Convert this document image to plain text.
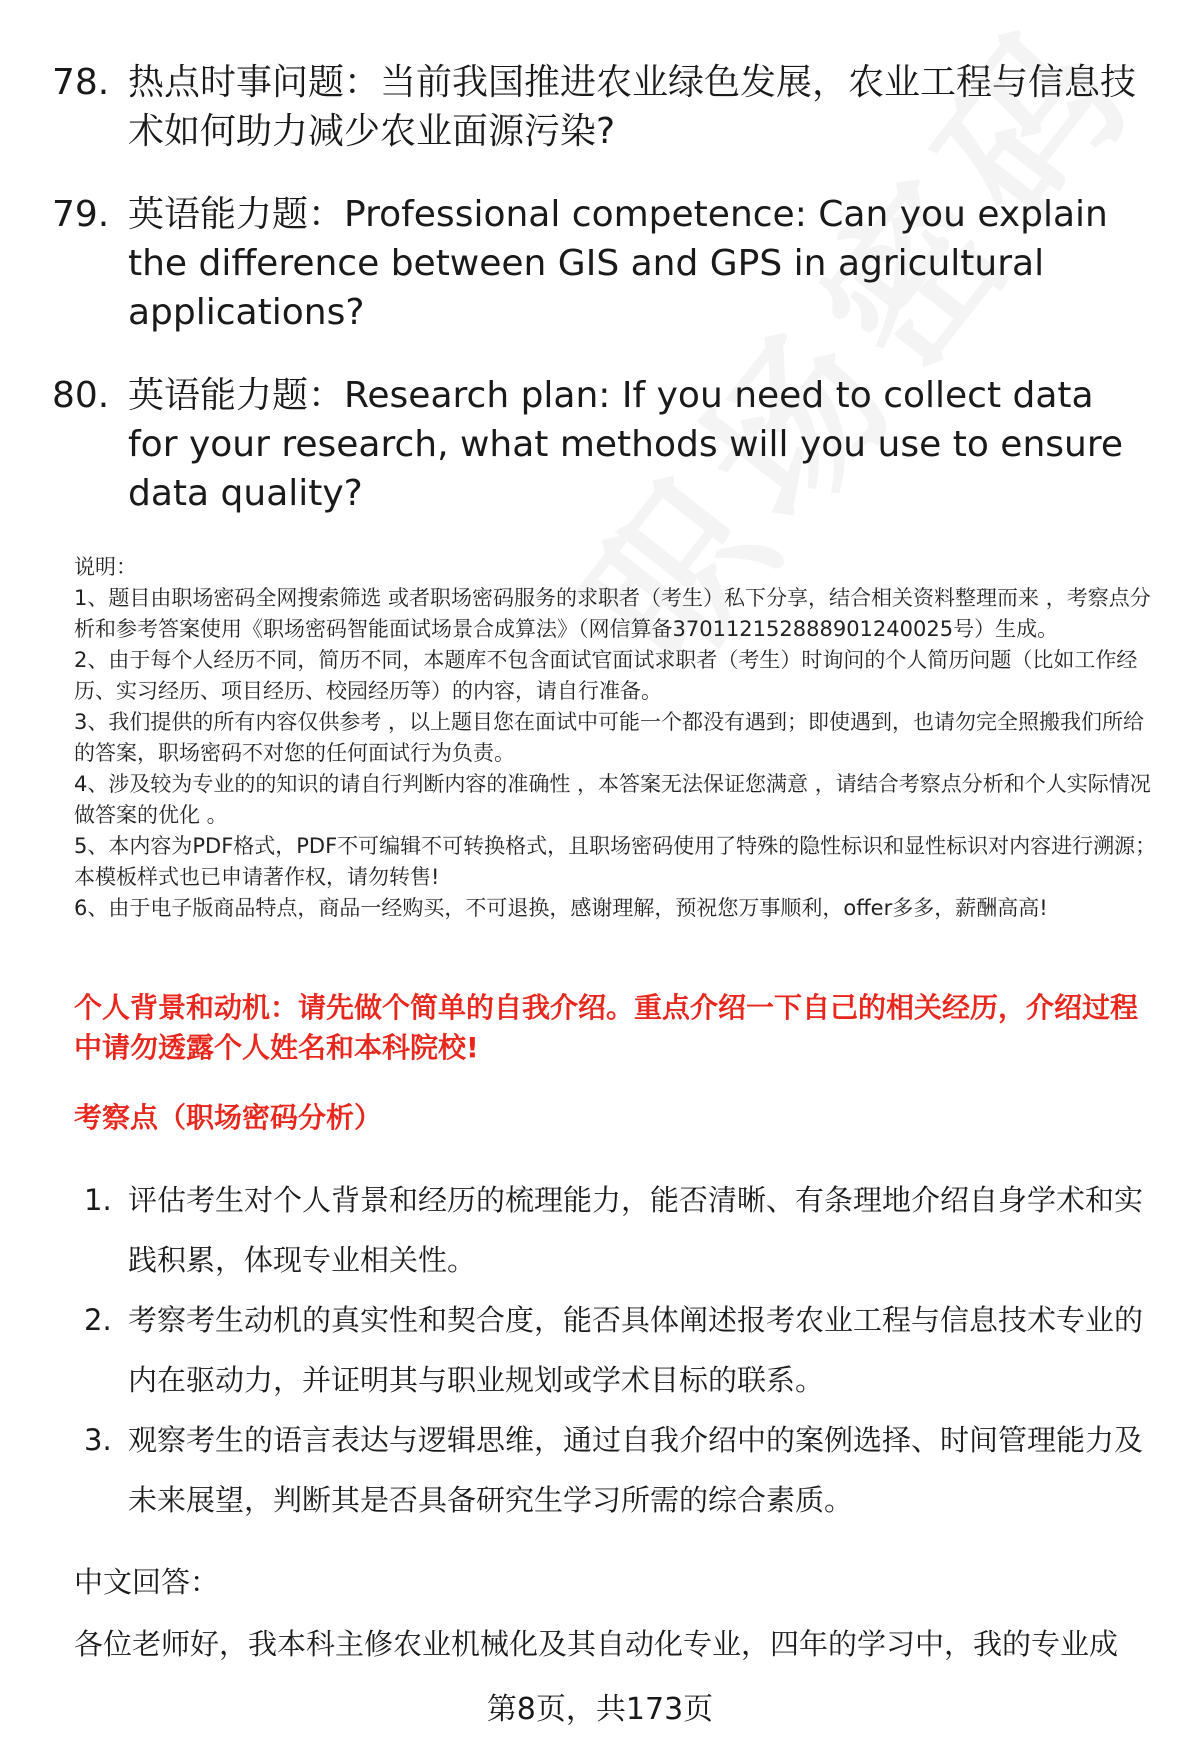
78. 热点时事问题：当前我国推进农业绿色发展，农业工程与信息技术如何助力减少农业面源污染?
79. 英语能力题：Professional competence: Can you explain the difference between GIS and GPS in agricultural applications?
80. 英语能力题：Research plan: If you need to collect data for your research, what methods will you use to ensure data quality?

说明：

1、题目由职场密码全网搜索筛选 或者职场密码服务的求职者（考生）私下分享，结合相关资料整理而来 ，考察点分析和参考答案使用《职场密码智能面试场景合成算法》（网信算备370112152888901240025号）生成。

2、由于每个人经历不同，简历不同，本题库不包含面试官面试求职者（考生）时询问的个人简历问题（比如工作经历、实习经历、项目经历、校园经历等）的内容，请自行准备。

3、我们提供的所有内容仅供参考 ，以上题目您在面试中可能一个都没有遇到；即使遇到，也请勿完全照搬我们所给的答案，职场密码不对您的任何面试行为负责。

4、涉及较为专业的的知识的请自行判断内容的准确性 ，本答案无法保证您满意 ，请结合考察点分析和个人实际情况做答案的优化 。

5、本内容为PDF格式，PDF不可编辑不可转换格式，且职场密码使用了特殊的隐性标识和显性标识对内容进行溯源；本模板样式也已申请著作权，请勿转售!

6、由于电子版商品特点，商品一经购买，不可退换，感谢理解，预祝您万事顺利，offer多多，薪酬高高!

个人背景和动机：请先做个简单的自我介绍。重点介绍一下自己的相关经历，介绍过程中请勿透露个人姓名和本科院校!
考察点（职场密码分析）
1. 评估考生对个人背景和经历的梳理能力，能否清晰、有条理地介绍自身学术和实践积累，体现专业相关性。
2. 考察考生动机的真实性和契合度，能否具体阐述报考农业工程与信息技术专业的内在驱动力，并证明其与职业规划或学术目标的联系。
3. 观察考生的语言表达与逻辑思维，通过自我介绍中的案例选择、时间管理能力及未来展望，判断其是否具备研究生学习所需的综合素质。
中文回答：
各位老师好，我本科主修农业机械化及其自动化专业，四年的学习中，我的专业成
第8页，共173页
